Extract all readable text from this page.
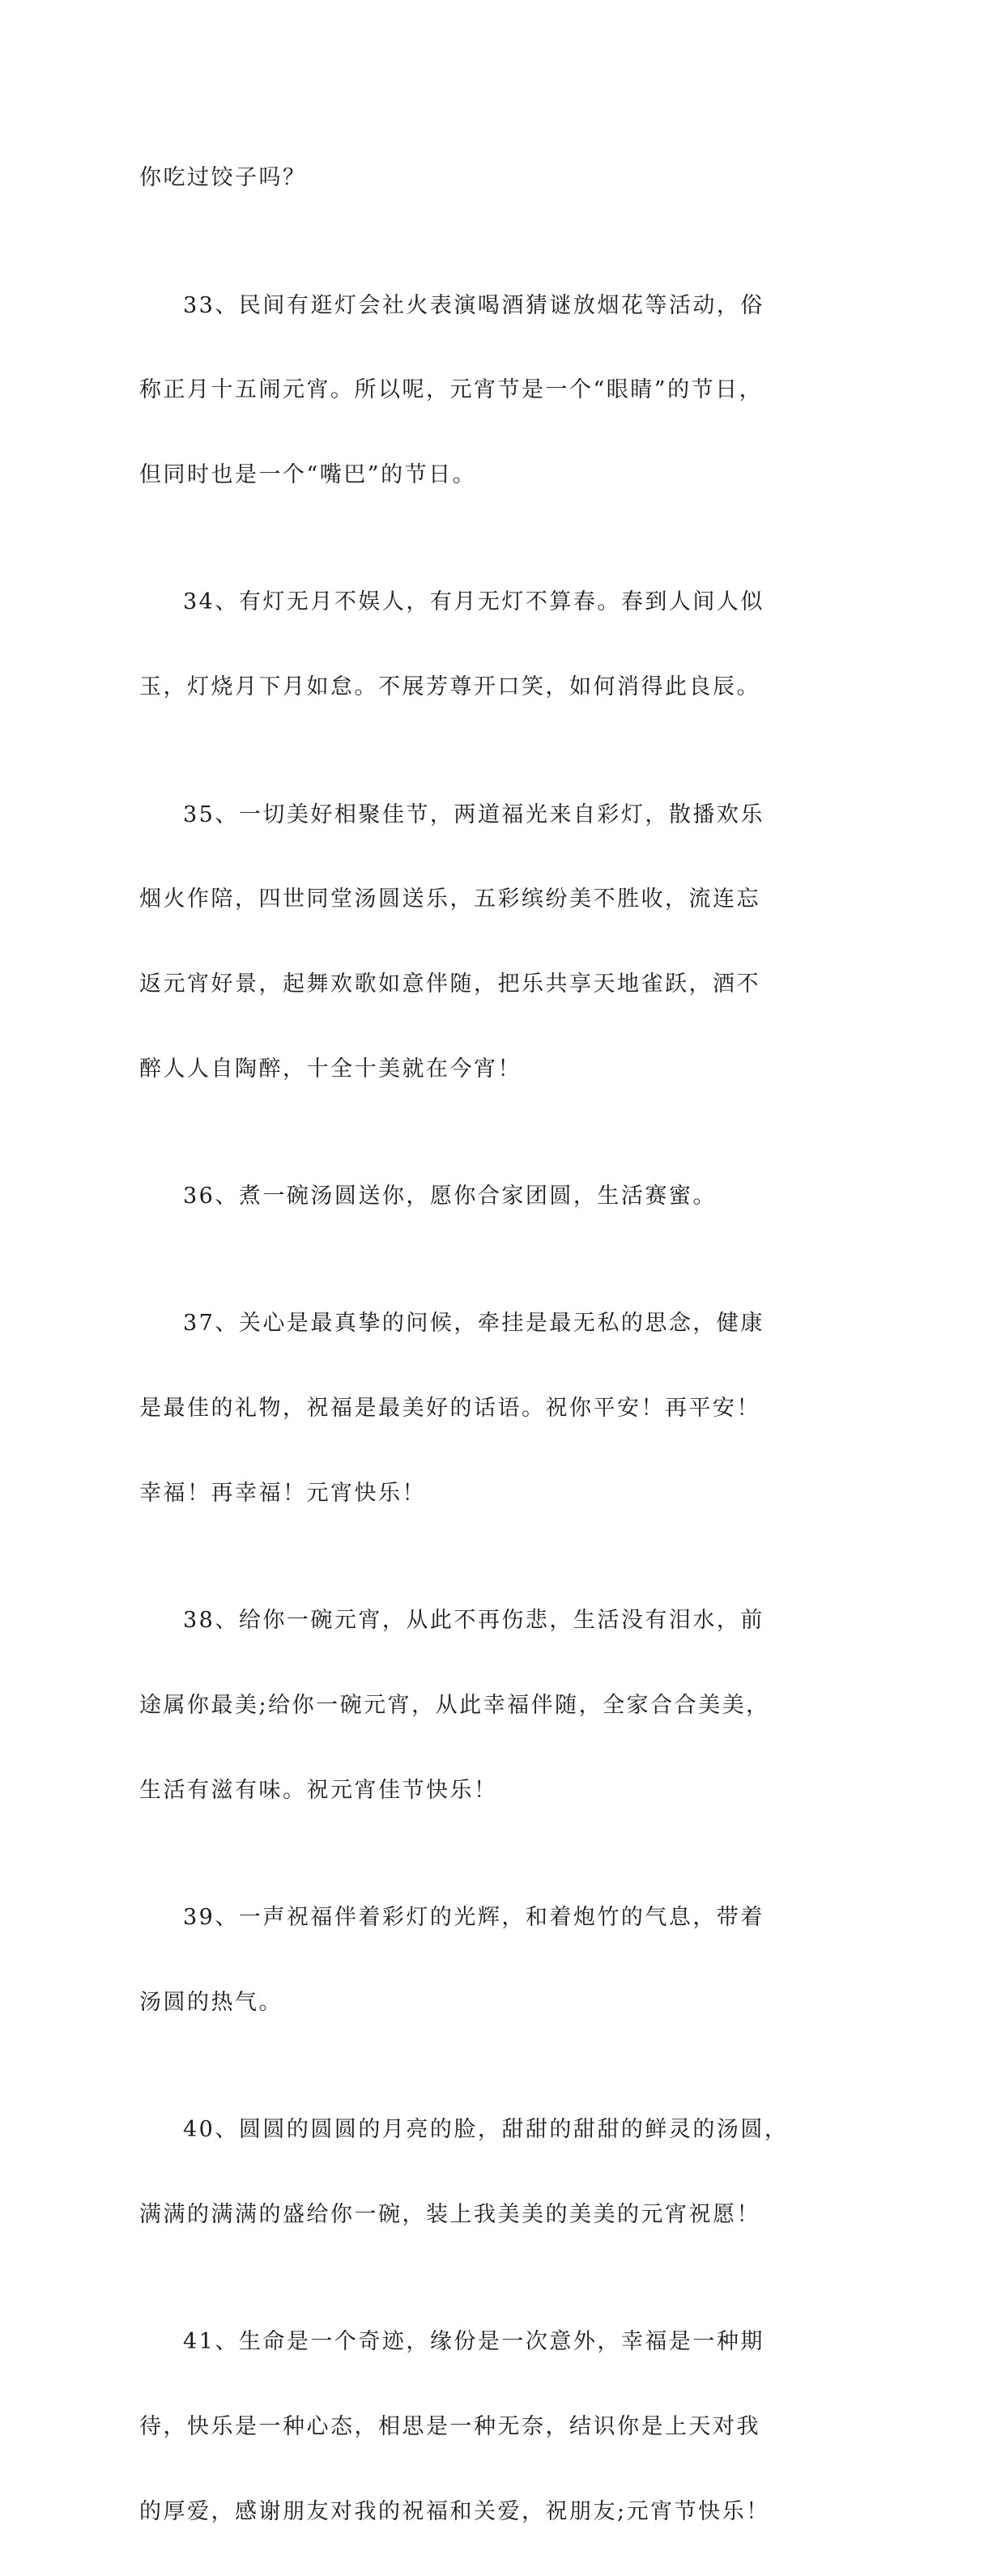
你吃过饺子吗？

33、民间有逛灯会社火表演喝酒猜谜放烟花等活动，俗

称正月十五闹元宵。所以呢，元宵节是一个“眼睛”的节日，

但同时也是一个“嘴巴”的节日。

34、有灯无月不娱人，有月无灯不算春。春到人间人似

玉，灯烧月下月如怠。不展芳尊开口笑，如何消得此良辰。

35、一切美好相聚佳节，两道福光来自彩灯，散播欢乐

烟火作陪，四世同堂汤圆送乐，五彩缤纷美不胜收，流连忘

返元宵好景，起舞欢歌如意伴随，把乐共享天地雀跃，酒不

醉人人自陶醉，十全十美就在今宵！

36、煮一碗汤圆送你，愿你合家团圆，生活赛蜜。

37、关心是最真挚的问候，牵挂是最无私的思念，健康

是最佳的礼物，祝福是最美好的话语。祝你平安！再平安！

幸福！再幸福！元宵快乐！

38、给你一碗元宵，从此不再伤悲，生活没有泪水，前

途属你最美;给你一碗元宵，从此幸福伴随，全家合合美美，

生活有滋有味。祝元宵佳节快乐！

39、一声祝福伴着彩灯的光辉，和着炮竹的气息，带着

汤圆的热气。

40、圆圆的圆圆的月亮的脸，甜甜的甜甜的鲜灵的汤圆，

满满的满满的盛给你一碗，装上我美美的美美的元宵祝愿！

41、生命是一个奇迹，缘份是一次意外，幸福是一种期

待，快乐是一种心态，相思是一种无奈，结识你是上天对我

的厚爱，感谢朋友对我的祝福和关爱，祝朋友;元宵节快乐！
